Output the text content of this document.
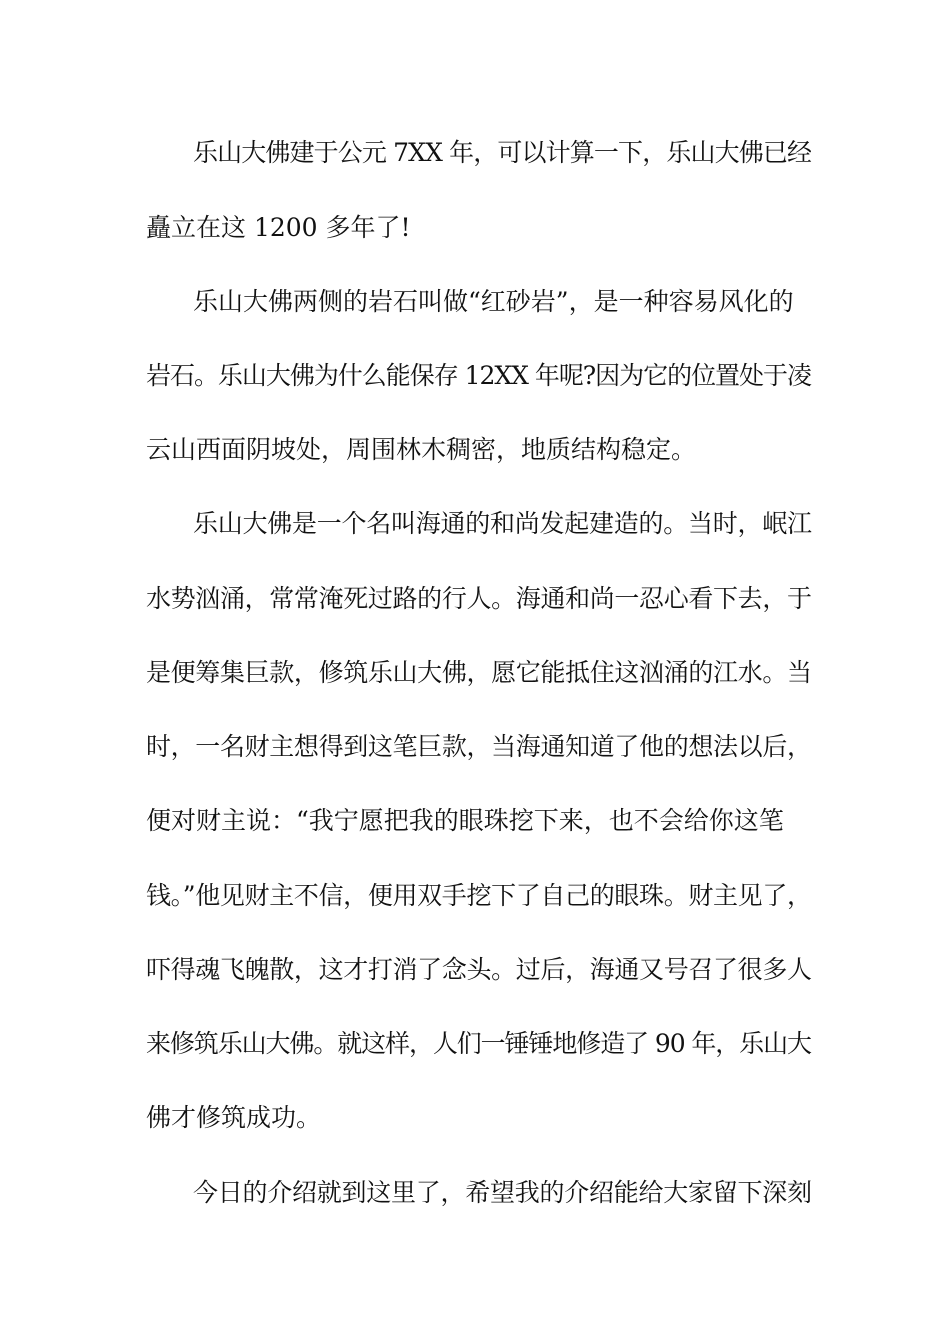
乐山大佛建于公元 7XX 年，可以计算一下，乐山大佛已经
矗立在这 1200 多年了!
乐山大佛两侧的岩石叫做“红砂岩”，是一种容易风化的
岩石。乐山大佛为什么能保存 12XX 年呢?因为它的位置处于凌
云山西面阴坡处，周围林木稠密，地质结构稳定。
乐山大佛是一个名叫海通的和尚发起建造的。当时，岷江
水势汹涌，常常淹死过路的行人。海通和尚一忍心看下去，于
是便筹集巨款，修筑乐山大佛，愿它能抵住这汹涌的江水。当
时，一名财主想得到这笔巨款，当海通知道了他的想法以后，
便对财主说：“我宁愿把我的眼珠挖下来，也不会给你这笔
钱。”他见财主不信，便用双手挖下了自己的眼珠。财主见了，
吓得魂飞魄散，这才打消了念头。过后，海通又号召了很多人
来修筑乐山大佛。就这样，人们一锤锤地修造了 90 年，乐山大
佛才修筑成功。
今日的介绍就到这里了，希望我的介绍能给大家留下深刻
